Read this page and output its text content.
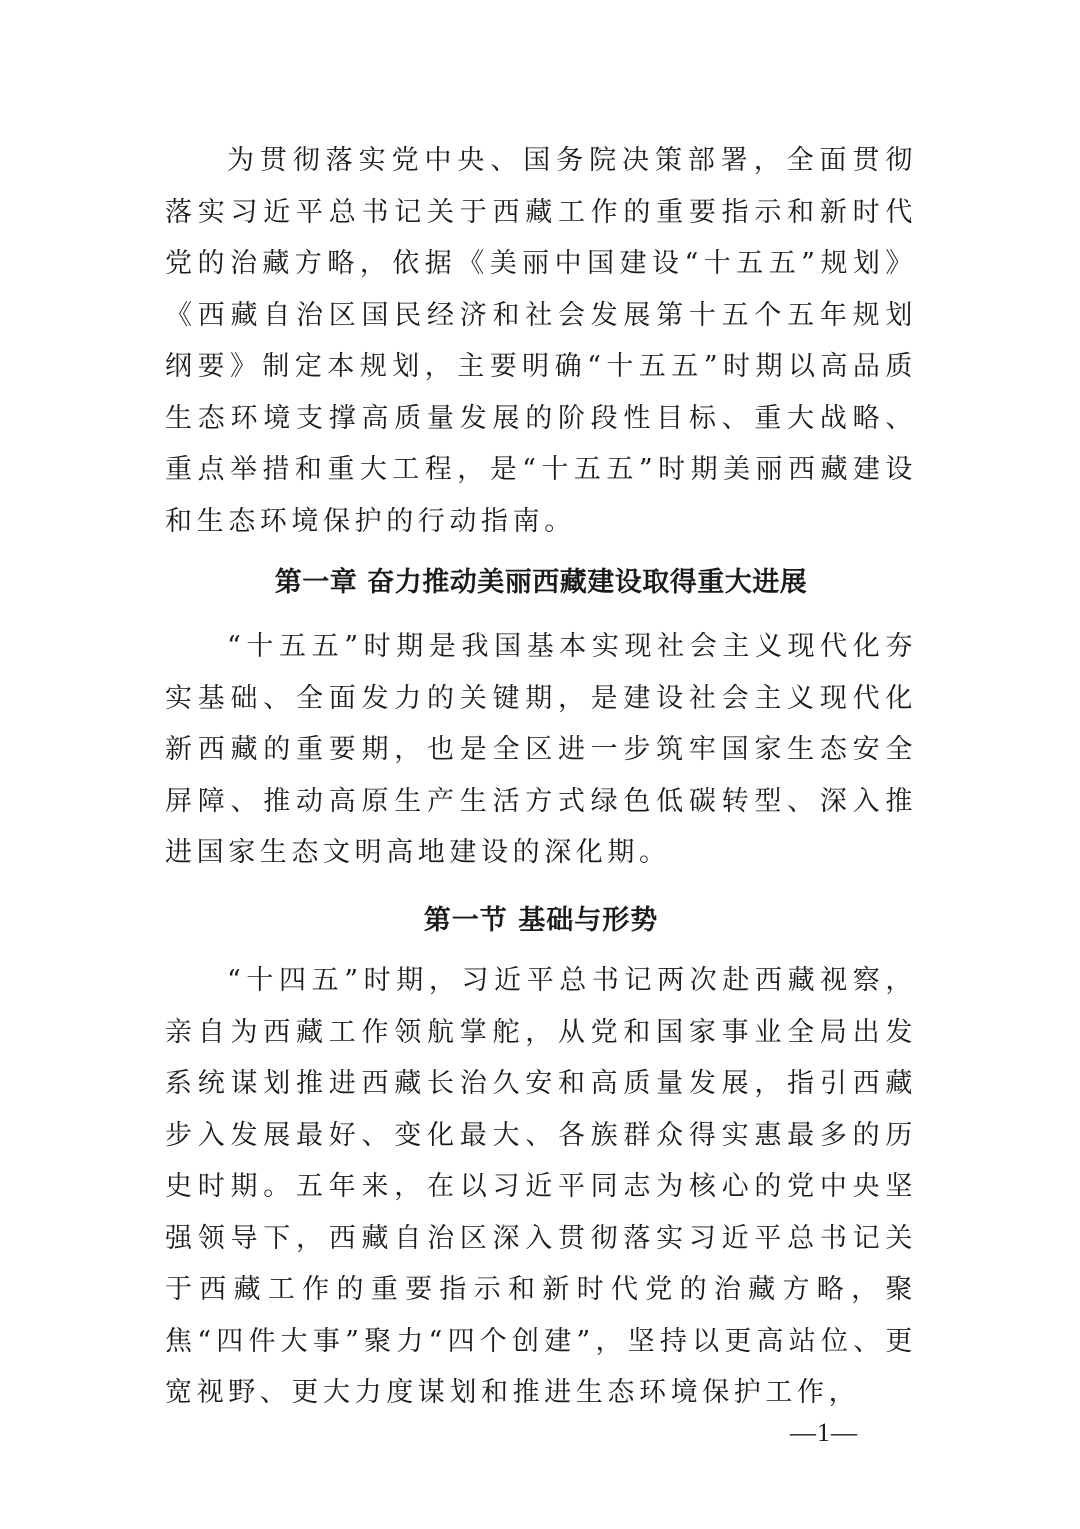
为贯彻落实党中央、国务院决策部署，全面贯彻落实习近平总书记关于西藏工作的重要指示和新时代党的治藏方略，依据《美丽中国建设“十五五”规划》《西藏自治区国民经济和社会发展第十五个五年规划纲要》制定本规划，主要明确“十五五”时期以高品质生态环境支撑高质量发展的阶段性目标、重大战略、重点举措和重大工程，是“十五五”时期美丽西藏建设和生态环境保护的行动指南。

第一章 奋力推动美丽西藏建设取得重大进展

“十五五”时期是我国基本实现社会主义现代化夯实基础、全面发力的关键期，是建设社会主义现代化新西藏的重要期，也是全区进一步筑牢国家生态安全屏障、推动高原生产生活方式绿色低碳转型、深入推进国家生态文明高地建设的深化期。

第一节 基础与形势

“十四五”时期，习近平总书记两次赴西藏视察，亲自为西藏工作领航掌舵，从党和国家事业全局出发系统谋划推进西藏长治久安和高质量发展，指引西藏步入发展最好、变化最大、各族群众得实惠最多的历史时期。五年来，在以习近平同志为核心的党中央坚强领导下，西藏自治区深入贯彻落实习近平总书记关于西藏工作的重要指示和新时代党的治藏方略，聚焦“四件大事”聚力“四个创建”，坚持以更高站位、更宽视野、更大力度谋划和推进生态环境保护工作，

—1—
